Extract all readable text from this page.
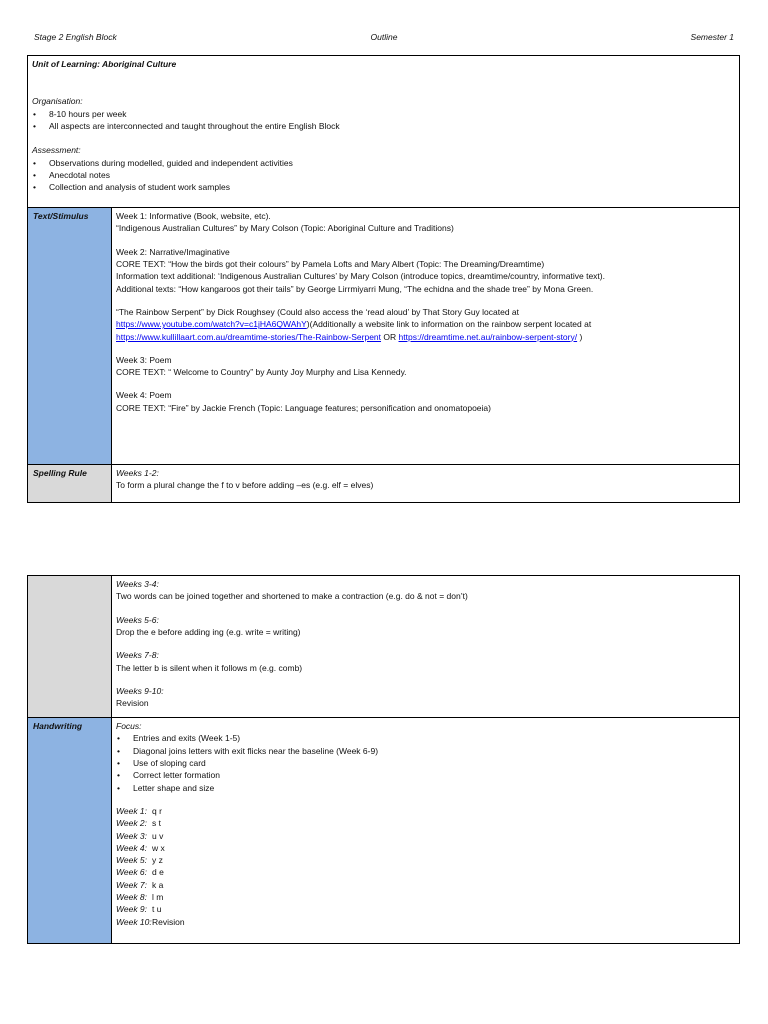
Stage 2 English Block	Outline	Semester 1

Unit of Learning: Aboriginal Culture

Organisation:

• 8-10 hours per week
• All aspects are interconnected and taught throughout the entire English Block

Assessment:

• Observations during modelled, guided and independent activities
• Anecdotal notes
• Collection and analysis of student work samples
Text/Stimulus	Week 1: Informative (Book, website, etc).

“Indigenous Australian Cultures” by Mary Colson (Topic: Aboriginal Culture and Traditions)

Week 2: Narrative/Imaginative

CORE TEXT: “How the birds got their colours” by Pamela Lofts and Mary Albert (Topic: The Dreaming/Dreamtime)

Information text additional: ‘Indigenous Australian Cultures’ by Mary Colson (introduce topics, dreamtime/country, informative text).

Additional texts: “How kangaroos got their tails” by George Lirrmiyarri Mung, “The echidna and the shade tree” by Mona Green.

“The Rainbow Serpent” by Dick Roughsey (Could also access the ‘read aloud’ by That Story Guy located at

https://www.youtube.com/watch?v=c1jHA6QWAhY)(Additionally a website link to information on the rainbow serpent located at

https://www.kullillaart.com.au/dreamtime-stories/The-Rainbow-Serpent OR https://dreamtime.net.au/rainbow-serpent-story/ )

Week 3: Poem

CORE TEXT: “ Welcome to Country” by Aunty Joy Murphy and Lisa Kennedy.

Week 4: Poem

CORE TEXT: “Fire” by Jackie French (Topic: Language features; personification and onomatopoeia)

Spelling Rule	Weeks 1-2:

To form a plural change the f to v before adding –es (e.g. elf = elves)

Weeks 3-4:

Two words can be joined together and shortened to make a contraction (e.g. do & not = don’t)

Weeks 5-6:

Drop the e before adding ing (e.g. write = writing)

Weeks 7-8:

The letter b is silent when it follows m (e.g. comb)

Weeks 9-10:

Revision

Handwriting	Focus:

• Entries and exits (Week 1-5)
• Diagonal joins letters with exit flicks near the baseline (Week 6-9)
• Use of sloping card
• Correct letter formation
• Letter shape and size
Week 1: q r
Week 2: s t
Week 3: u v
Week 4: w x
Week 5: y z
Week 6: d e
Week 7: k a
Week 8: l m
Week 9: t u
Week 10: Revision
